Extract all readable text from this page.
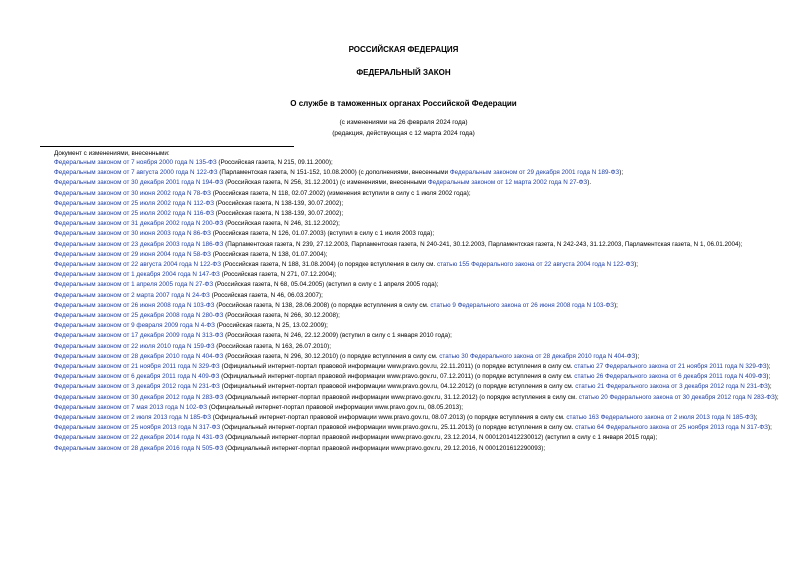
РОССИЙСКАЯ ФЕДЕРАЦИЯ
ФЕДЕРАЛЬНЫЙ ЗАКОН
О службе в таможенных органах Российской Федерации
(с изменениями на 26 февраля 2024 года)
(редакция, действующая с 12 марта 2024 года)
Документ с изменениями, внесенными:

Федеральным законом от 7 ноября 2000 года N 135-ФЗ (Российская газета, N 215, 09.11.2000);

Федеральным законом от 7 августа 2000 года N 122-ФЗ (Парламентская газета, N 151-152, 10.08.2000) (с дополнениями, внесенными Федеральным законом от 29 декабря 2001 года N 189-ФЗ);

Федеральным законом от 30 декабря 2001 года N 194-ФЗ (Российская газета, N 256, 31.12.2001) (с изменениями, внесенными Федеральным законом от 12 марта 2002 года N 27-ФЗ).

Федеральным законом от 30 июня 2002 года N 78-ФЗ (Российская газета, N 118, 02.07.2002) (изменения вступили в силу с 1 июля 2002 года);

Федеральным законом от 25 июля 2002 года N 112-ФЗ (Российская газета, N 138-139, 30.07.2002);

Федеральным законом от 25 июля 2002 года N 116-ФЗ (Российская газета, N 138-139, 30.07.2002);

Федеральным законом от 31 декабря 2002 года N 200-ФЗ (Российская газета, N 246, 31.12.2002);

Федеральным законом от 30 июня 2003 года N 86-ФЗ (Российская газета, N 126, 01.07.2003) (вступил в силу с 1 июля 2003 года);

Федеральным законом от 23 декабря 2003 года N 186-ФЗ (Парламентская газета, N 239, 27.12.2003, Парламентская газета, N 240-241, 30.12.2003, Парламентская газета, N 242-243, 31.12.2003, Парламентская газета, N 1, 06.01.2004);

Федеральным законом от 29 июня 2004 года N 58-ФЗ (Российская газета, N 138, 01.07.2004);

Федеральным законом от 22 августа 2004 года N 122-ФЗ (Российская газета, N 188, 31.08.2004) (о порядке вступления в силу см. статью 155 Федерального закона от 22 августа 2004 года N 122-ФЗ);

Федеральным законом от 1 декабря 2004 года N 147-ФЗ (Российская газета, N 271, 07.12.2004);

Федеральным законом от 1 апреля 2005 года N 27-ФЗ (Российская газета, N 68, 05.04.2005) (вступил в силу с 1 апреля 2005 года);

Федеральным законом от 2 марта 2007 года N 24-ФЗ (Российская газета, N 46, 06.03.2007);

Федеральным законом от 26 июня 2008 года N 103-ФЗ (Российская газета, N 138, 28.06.2008) (о порядке вступления в силу см. статью 9 Федерального закона от 26 июня 2008 года N 103-ФЗ);

Федеральным законом от 25 декабря 2008 года N 280-ФЗ (Российская газета, N 266, 30.12.2008);

Федеральным законом от 9 февраля 2009 года N 4-ФЗ (Российская газета, N 25, 13.02.2009);

Федеральным законом от 17 декабря 2009 года N 313-ФЗ (Российская газета, N 246, 22.12.2009) (вступил в силу с 1 января 2010 года);

Федеральным законом от 22 июля 2010 года N 159-ФЗ (Российская газета, N 163, 26.07.2010);

Федеральным законом от 28 декабря 2010 года N 404-ФЗ (Российская газета, N 296, 30.12.2010) (о порядке вступления в силу см. статью 30 Федерального закона от 28 декабря 2010 года N 404-ФЗ);

Федеральным законом от 21 ноября 2011 года N 329-ФЗ (Официальный интернет-портал правовой информации www.pravo.gov.ru, 22.11.2011) (о порядке вступления в силу см. статью 27 Федерального закона от 21 ноября 2011 года N 329-ФЗ);

Федеральным законом от 6 декабря 2011 года N 409-ФЗ (Официальный интернет-портал правовой информации www.pravo.gov.ru, 07.12.2011) (о порядке вступления в силу см. статью 26 Федерального закона от 6 декабря 2011 года N 409-ФЗ);

Федеральным законом от 3 декабря 2012 года N 231-ФЗ (Официальный интернет-портал правовой информации www.pravo.gov.ru, 04.12.2012) (о порядке вступления в силу см. статью 21 Федерального закона от 3 декабря 2012 года N 231-ФЗ);

Федеральным законом от 30 декабря 2012 года N 283-ФЗ (Официальный интернет-портал правовой информации www.pravo.gov.ru, 31.12.2012) (о порядке вступления в силу см. статью 20 Федерального закона от 30 декабря 2012 года N 283-ФЗ);

Федеральным законом от 7 мая 2013 года N 102-ФЗ (Официальный интернет-портал правовой информации www.pravo.gov.ru, 08.05.2013);

Федеральным законом от 2 июля 2013 года N 185-ФЗ (Официальный интернет-портал правовой информации www.pravo.gov.ru, 08.07.2013) (о порядке вступления в силу см. статью 163 Федерального закона от 2 июля 2013 года N 185-ФЗ);

Федеральным законом от 25 ноября 2013 года N 317-ФЗ (Официальный интернет-портал правовой информации www.pravo.gov.ru, 25.11.2013) (о порядке вступления в силу см. статью 64 Федерального закона от 25 ноября 2013 года N 317-ФЗ);

Федеральным законом от 22 декабря 2014 года N 431-ФЗ (Официальный интернет-портал правовой информации www.pravo.gov.ru, 23.12.2014, N 0001201412230012) (вступил в силу с 1 января 2015 года);

Федеральным законом от 28 декабря 2016 года N 505-ФЗ (Официальный интернет-портал правовой информации www.pravo.gov.ru, 29.12.2016, N 0001201612290093);
